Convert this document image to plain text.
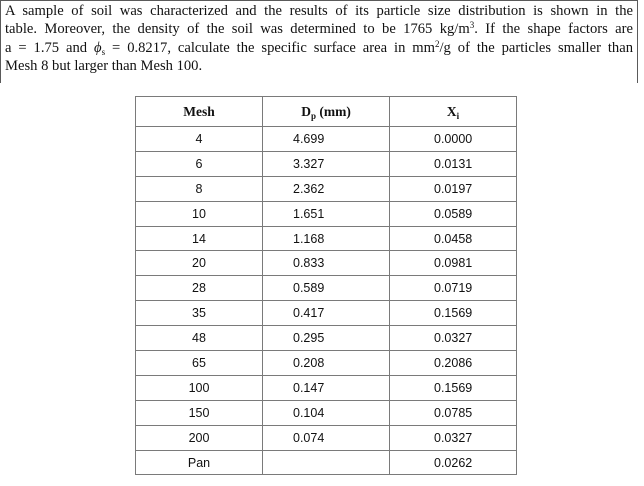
A sample of soil was characterized and the results of its particle size distribution is shown in the
table. Moreover, the density of the soil was determined to be 1765 $kg/m^3$. If the shape factors are
a = 1.75 and $\phi_s = 0.8217$, calculate the specific surface area in $mm^2/g$ of the particles smaller than
Mesh 8 but larger than Mesh 100.
Mesh	$D_p$ (mm)	$X_i$
4	4.699	0.0000
6	3.327	0.0131
8	2.362	0.0197
10	1.651	0.0589
14	1.168	0.0458
20	0.833	0.0981
28	0.589	0.0719
35	0.417	0.1569
48	0.295	0.0327
65	0.208	0.2086
100	0.147	0.1569
150	0.104	0.0785
200	0.074	0.0327
Pan		0.0262
